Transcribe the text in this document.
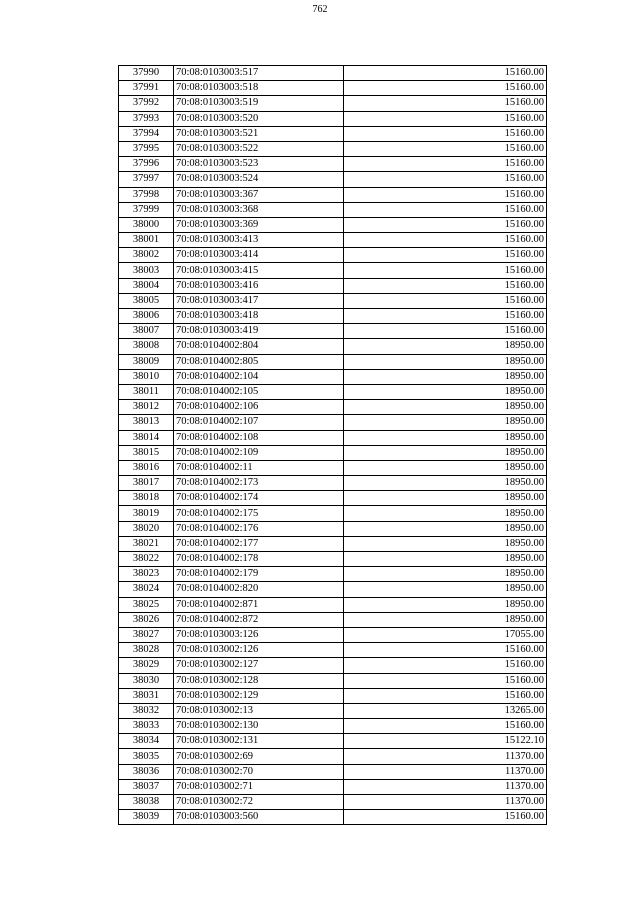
762
37990	70:08:0103003:517	15160.00
37991	70:08:0103003:518	15160.00
37992	70:08:0103003:519	15160.00
37993	70:08:0103003:520	15160.00
37994	70:08:0103003:521	15160.00
37995	70:08:0103003:522	15160.00
37996	70:08:0103003:523	15160.00
37997	70:08:0103003:524	15160.00
37998	70:08:0103003:367	15160.00
37999	70:08:0103003:368	15160.00
38000	70:08:0103003:369	15160.00
38001	70:08:0103003:413	15160.00
38002	70:08:0103003:414	15160.00
38003	70:08:0103003:415	15160.00
38004	70:08:0103003:416	15160.00
38005	70:08:0103003:417	15160.00
38006	70:08:0103003:418	15160.00
38007	70:08:0103003:419	15160.00
38008	70:08:0104002:804	18950.00
38009	70:08:0104002:805	18950.00
38010	70:08:0104002:104	18950.00
38011	70:08:0104002:105	18950.00
38012	70:08:0104002:106	18950.00
38013	70:08:0104002:107	18950.00
38014	70:08:0104002:108	18950.00
38015	70:08:0104002:109	18950.00
38016	70:08:0104002:11	18950.00
38017	70:08:0104002:173	18950.00
38018	70:08:0104002:174	18950.00
38019	70:08:0104002:175	18950.00
38020	70:08:0104002:176	18950.00
38021	70:08:0104002:177	18950.00
38022	70:08:0104002:178	18950.00
38023	70:08:0104002:179	18950.00
38024	70:08:0104002:820	18950.00
38025	70:08:0104002:871	18950.00
38026	70:08:0104002:872	18950.00
38027	70:08:0103003:126	17055.00
38028	70:08:0103002:126	15160.00
38029	70:08:0103002:127	15160.00
38030	70:08:0103002:128	15160.00
38031	70:08:0103002:129	15160.00
38032	70:08:0103002:13	13265.00
38033	70:08:0103002:130	15160.00
38034	70:08:0103002:131	15122.10
38035	70:08:0103002:69	11370.00
38036	70:08:0103002:70	11370.00
38037	70:08:0103002:71	11370.00
38038	70:08:0103002:72	11370.00
38039	70:08:0103003:560	15160.00
